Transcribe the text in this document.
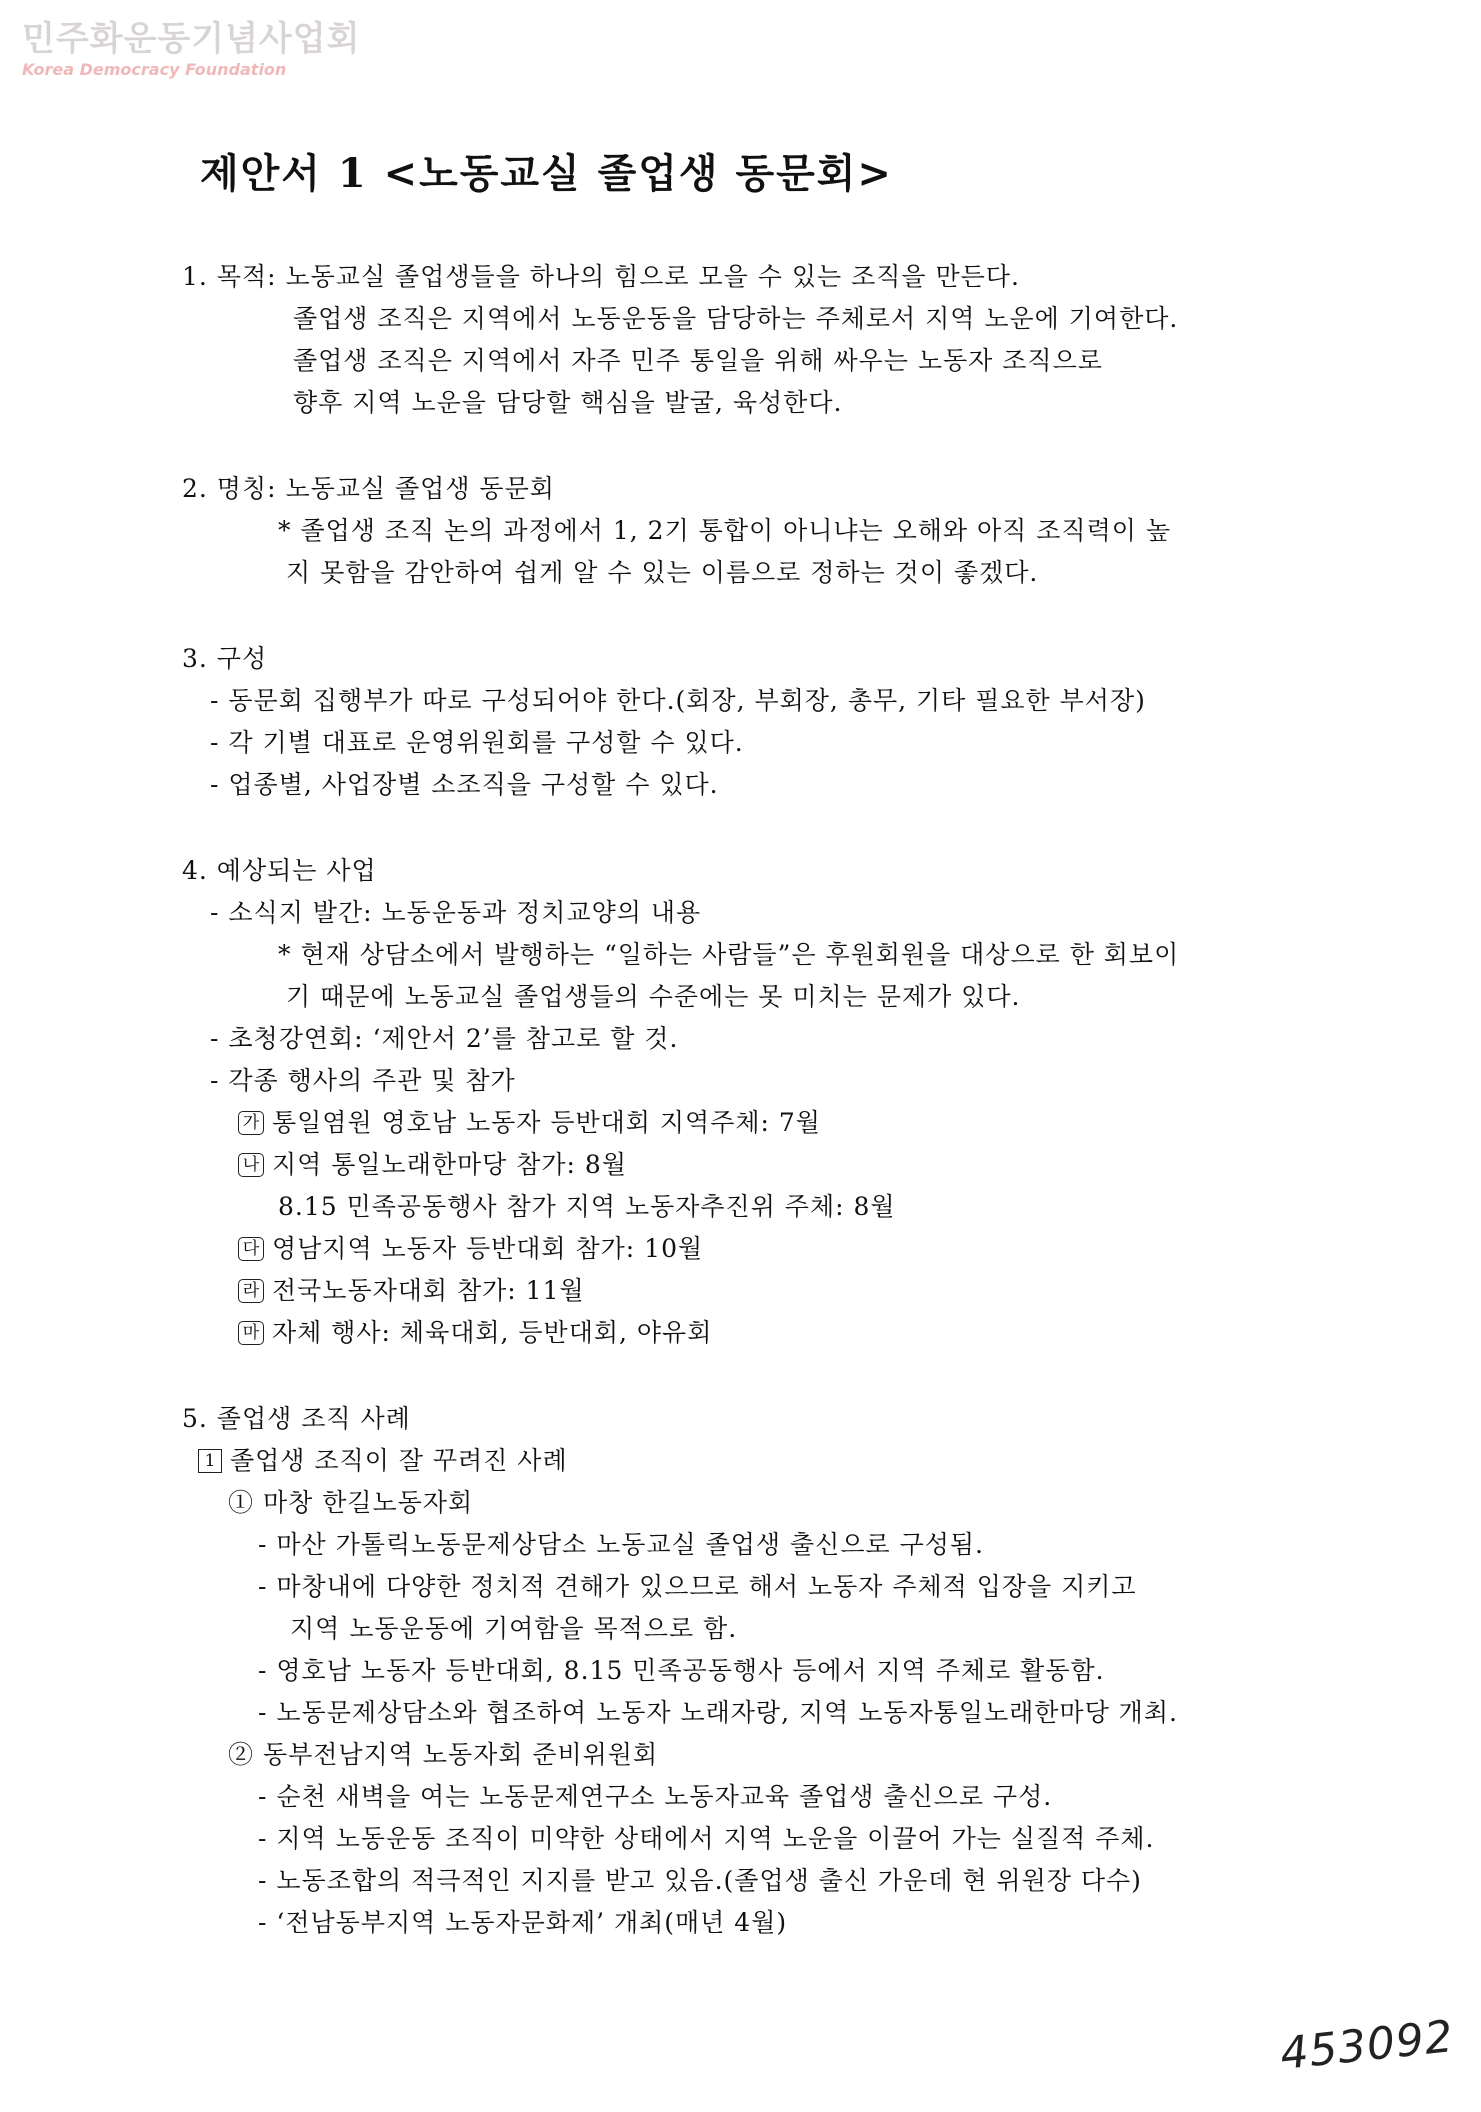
민주화운동기념사업회
Korea Democracy Foundation
제안서 1 <노동교실 졸업생 동문회>

1. 목적: 노동교실 졸업생들을 하나의 힘으로 모을 수 있는 조직을 만든다.

졸업생 조직은 지역에서 노동운동을 담당하는 주체로서 지역 노운에 기여한다.

졸업생 조직은 지역에서 자주 민주 통일을 위해 싸우는 노동자 조직으로

향후 지역 노운을 담당할 핵심을 발굴, 육성한다.

2. 명칭: 노동교실 졸업생 동문회

* 졸업생 조직 논의 과정에서 1, 2기 통합이 아니냐는 오해와 아직 조직력이 높

지 못함을 감안하여 쉽게 알 수 있는 이름으로 정하는 것이 좋겠다.

3. 구성

- 동문회 집행부가 따로 구성되어야 한다.(회장, 부회장, 총무, 기타 필요한 부서장)

- 각 기별 대표로 운영위원회를 구성할 수 있다.

- 업종별, 사업장별 소조직을 구성할 수 있다.

4. 예상되는 사업

- 소식지 발간: 노동운동과 정치교양의 내용

* 현재 상담소에서 발행하는 “일하는 사람들”은 후원회원을 대상으로 한 회보이

기 때문에 노동교실 졸업생들의 수준에는 못 미치는 문제가 있다.

- 초청강연회: ‘제안서 2’를 참고로 할 것.

- 각종 행사의 주관 및 참가

가 통일염원 영호남 노동자 등반대회 지역주체: 7월

나 지역 통일노래한마당 참가: 8월

8.15 민족공동행사 참가 지역 노동자추진위 주체: 8월

다 영남지역 노동자 등반대회 참가: 10월

라 전국노동자대회 참가: 11월

마 자체 행사: 체육대회, 등반대회, 야유회

5. 졸업생 조직 사례

1 졸업생 조직이 잘 꾸려진 사례

① 마창 한길노동자회

- 마산 가톨릭노동문제상담소 노동교실 졸업생 출신으로 구성됨.

- 마창내에 다양한 정치적 견해가 있으므로 해서 노동자 주체적 입장을 지키고

지역 노동운동에 기여함을 목적으로 함.

- 영호남 노동자 등반대회, 8.15 민족공동행사 등에서 지역 주체로 활동함.

- 노동문제상담소와 협조하여 노동자 노래자랑, 지역 노동자통일노래한마당 개최.

② 동부전남지역 노동자회 준비위원회

- 순천 새벽을 여는 노동문제연구소 노동자교육 졸업생 출신으로 구성.

- 지역 노동운동 조직이 미약한 상태에서 지역 노운을 이끌어 가는 실질적 주체.

- 노동조합의 적극적인 지지를 받고 있음.(졸업생 출신 가운데 현 위원장 다수)

- ‘전남동부지역 노동자문화제’ 개최(매년 4월)

453092
